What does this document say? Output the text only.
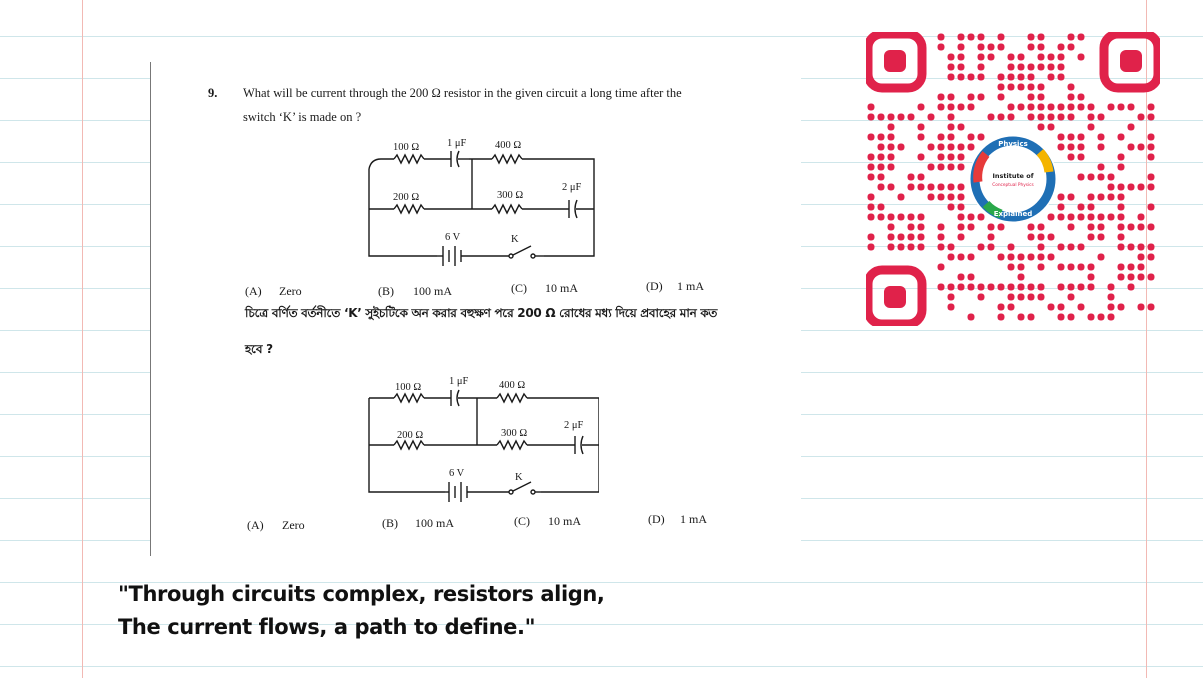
9. What will be current through the 200 Ω resistor in the given circuit a long time after the
switch ‘K’ is made on ?
100 Ω	1 μF	400 Ω
200 Ω	300 Ω
2 μF
6 V	K
(A) Zero	(B) 100 mA	(C) 10 mA	(D) 1 mA
চিত্রে বর্ণিত বর্তনীতে ‘K’ সুইচটিকে অন করার বহুক্ষণ পরে 200 Ω রোধের মধ্য দিয়ে প্রবাহের মান কত
হবে ?
100 Ω
1 μF	400 Ω
200 Ω	300 Ω
2 μF
6 V	K
(A) Zero	(B) 100 mA	(C) 10 mA	(D) 1 mA
"Through circuits complex, resistors align,
The current flows, a path to define."
Physics
Institute of
Conceptual Physics
Explained
